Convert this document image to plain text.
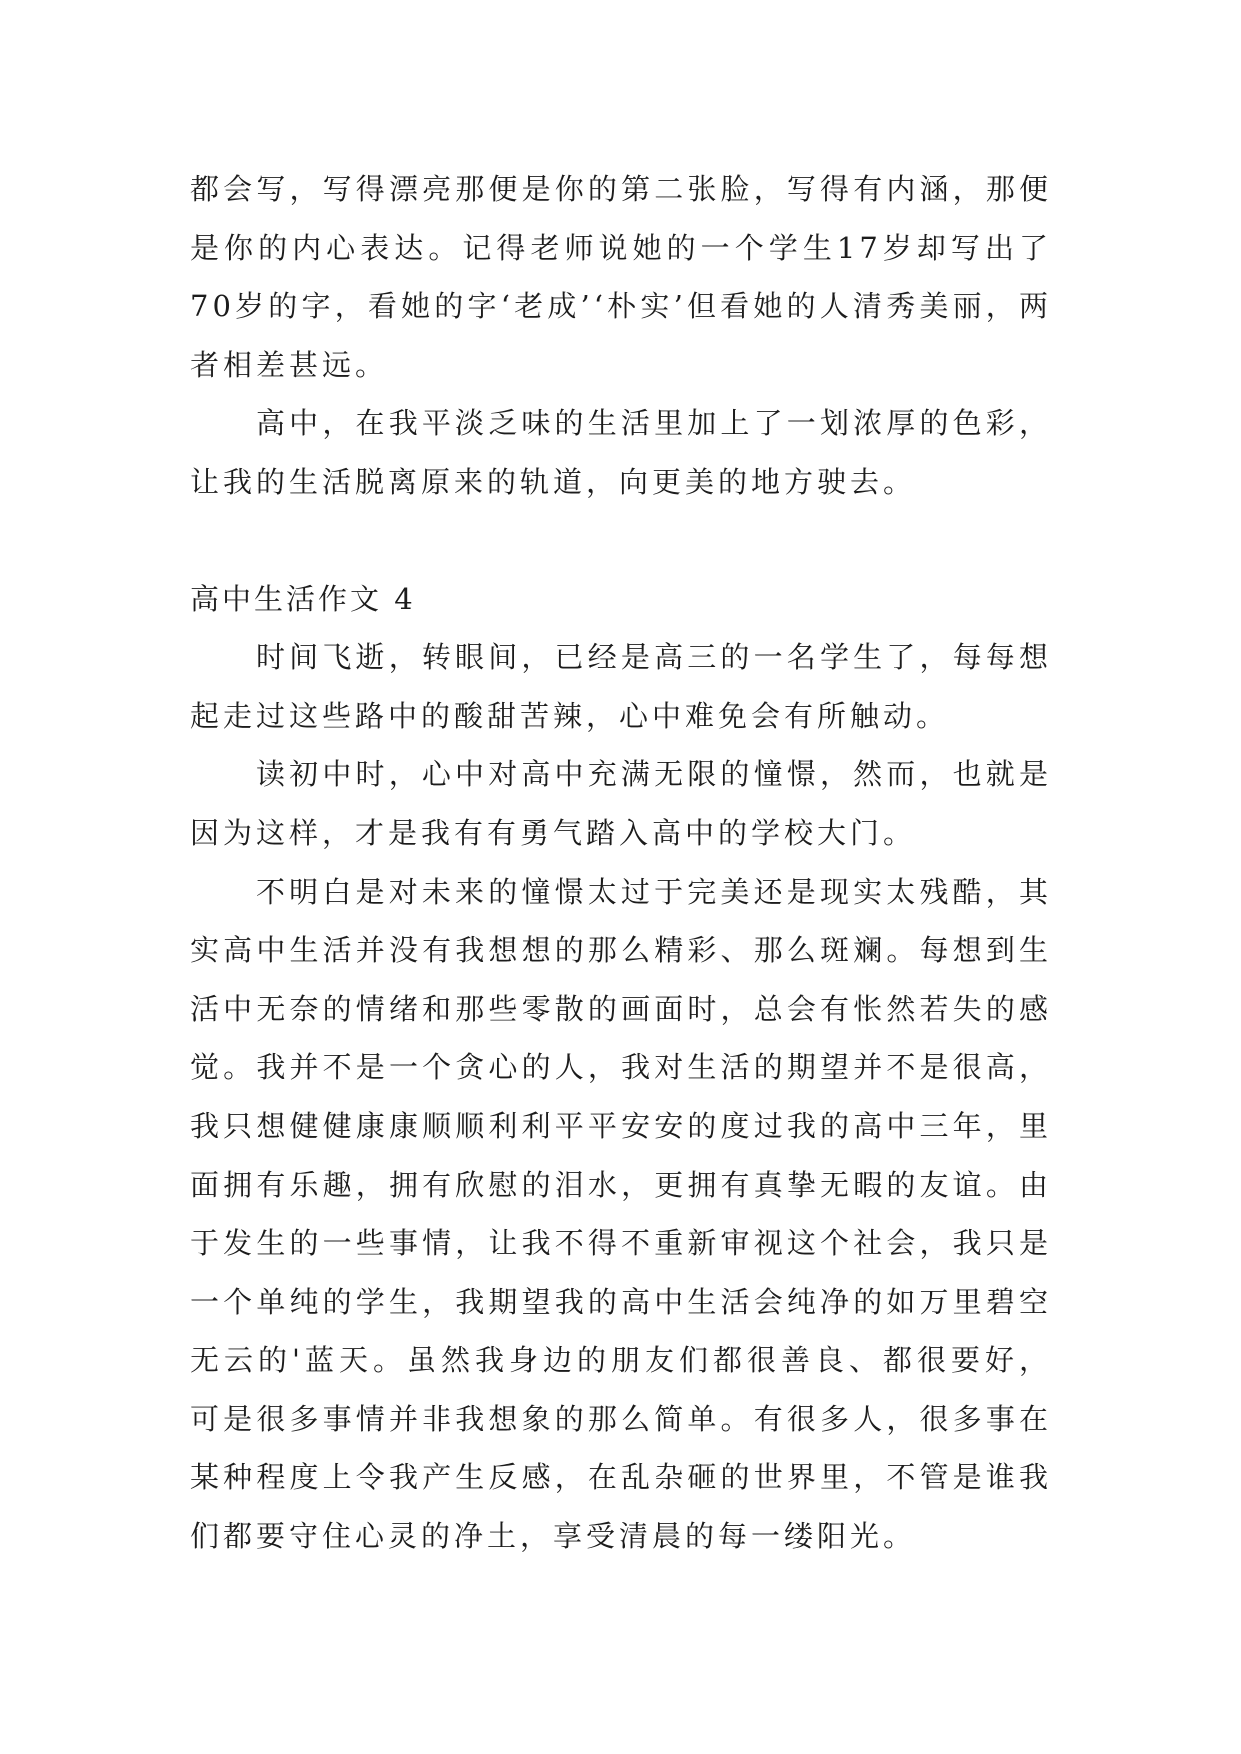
都会写，写得漂亮那便是你的第二张脸，写得有内涵，那便是你的内心表达。记得老师说她的一个学生17岁却写出了70岁的字，看她的字‘老成’‘朴实’但看她的人清秀美丽，两者相差甚远。

高中，在我平淡乏味的生活里加上了一划浓厚的色彩，让我的生活脱离原来的轨道，向更美的地方驶去。

高中生活作文 4

时间飞逝，转眼间，已经是高三的一名学生了，每每想起走过这些路中的酸甜苦辣，心中难免会有所触动。

读初中时，心中对高中充满无限的憧憬，然而，也就是因为这样，才是我有有勇气踏入高中的学校大门。

不明白是对未来的憧憬太过于完美还是现实太残酷，其实高中生活并没有我想想的那么精彩、那么斑斓。每想到生活中无奈的情绪和那些零散的画面时，总会有怅然若失的感觉。我并不是一个贪心的人，我对生活的期望并不是很高，我只想健健康康顺顺利利平平安安的度过我的高中三年，里面拥有乐趣，拥有欣慰的泪水，更拥有真挚无暇的友谊。由于发生的一些事情，让我不得不重新审视这个社会，我只是一个单纯的学生，我期望我的高中生活会纯净的如万里碧空无云的'蓝天。虽然我身边的朋友们都很善良、都很要好，可是很多事情并非我想象的那么简单。有很多人，很多事在某种程度上令我产生反感，在乱杂砸的世界里，不管是谁我们都要守住心灵的净土，享受清晨的每一缕阳光。
